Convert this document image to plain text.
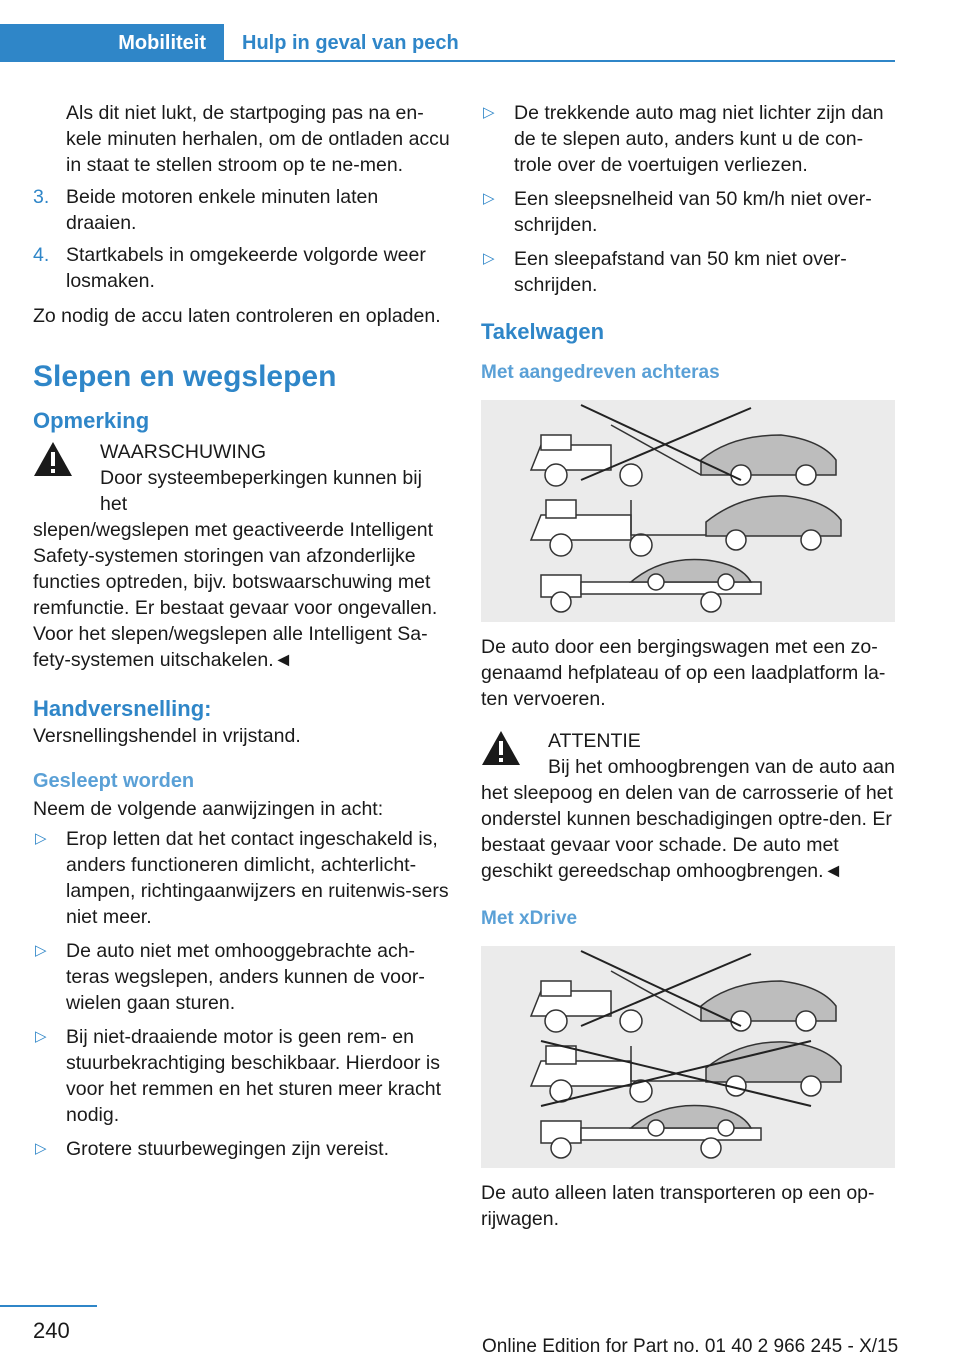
Mobiliteit Hulp in geval van pech

Als dit niet lukt, de startpoging pas na en-kele minuten herhalen, om de ontladen accu in staat te stellen stroom op te ne-men.

3. Beide motoren enkele minuten laten draaien.
4. Startkabels in omgekeerde volgorde weer losmaken.

Zo nodig de accu laten controleren en opladen.

Slepen en wegslepen
Opmerking
WAARSCHUWING
Door systeembeperkingen kunnen bij het
slepen/wegslepen met geactiveerde Intelligent Safety-systemen storingen van afzonderlijke functies optreden, bijv. botswaarschuwing met remfunctie. Er bestaat gevaar voor ongevallen. Voor het slepen/wegslepen alle Intelligent Sa-fety-systemen uitschakelen.◄
Handversnelling:

Versnellingshendel in vrijstand.

Gesleept worden

Neem de volgende aanwijzingen in acht:

▷ Erop letten dat het contact ingeschakeld is, anders functioneren dimlicht, achterlicht-lampen, richtingaanwijzers en ruitenwis-sers niet meer.
▷ De auto niet met omhooggebrachte ach-teras wegslepen, anders kunnen de voor-wielen gaan sturen.
▷ Bij niet-draaiende motor is geen rem- en stuurbekrachtiging beschikbaar. Hierdoor is voor het remmen en het sturen meer kracht nodig.
▷ Grotere stuurbewegingen zijn vereist.
▷ De trekkende auto mag niet lichter zijn dan de te slepen auto, anders kunt u de con-trole over de voertuigen verliezen.
▷ Een sleepsnelheid van 50 km/h niet over-schrijden.
▷ Een sleepafstand van 50 km niet over-schrijden.
Takelwagen
Met aangedreven achteras

De auto door een bergingswagen met een zo-genaamd hefplateau of op een laadplatform la-ten vervoeren.

ATTENTIE
Bij het omhoogbrengen van de auto aan
het sleepoog en delen van de carrosserie of het onderstel kunnen beschadigingen optre-den. Er bestaat gevaar voor schade. De auto met geschikt gereedschap omhoogbrengen.◄
Met xDrive

De auto alleen laten transporteren op een op-rijwagen.

240
Online Edition for Part no. 01 40 2 966 245 - X/15
